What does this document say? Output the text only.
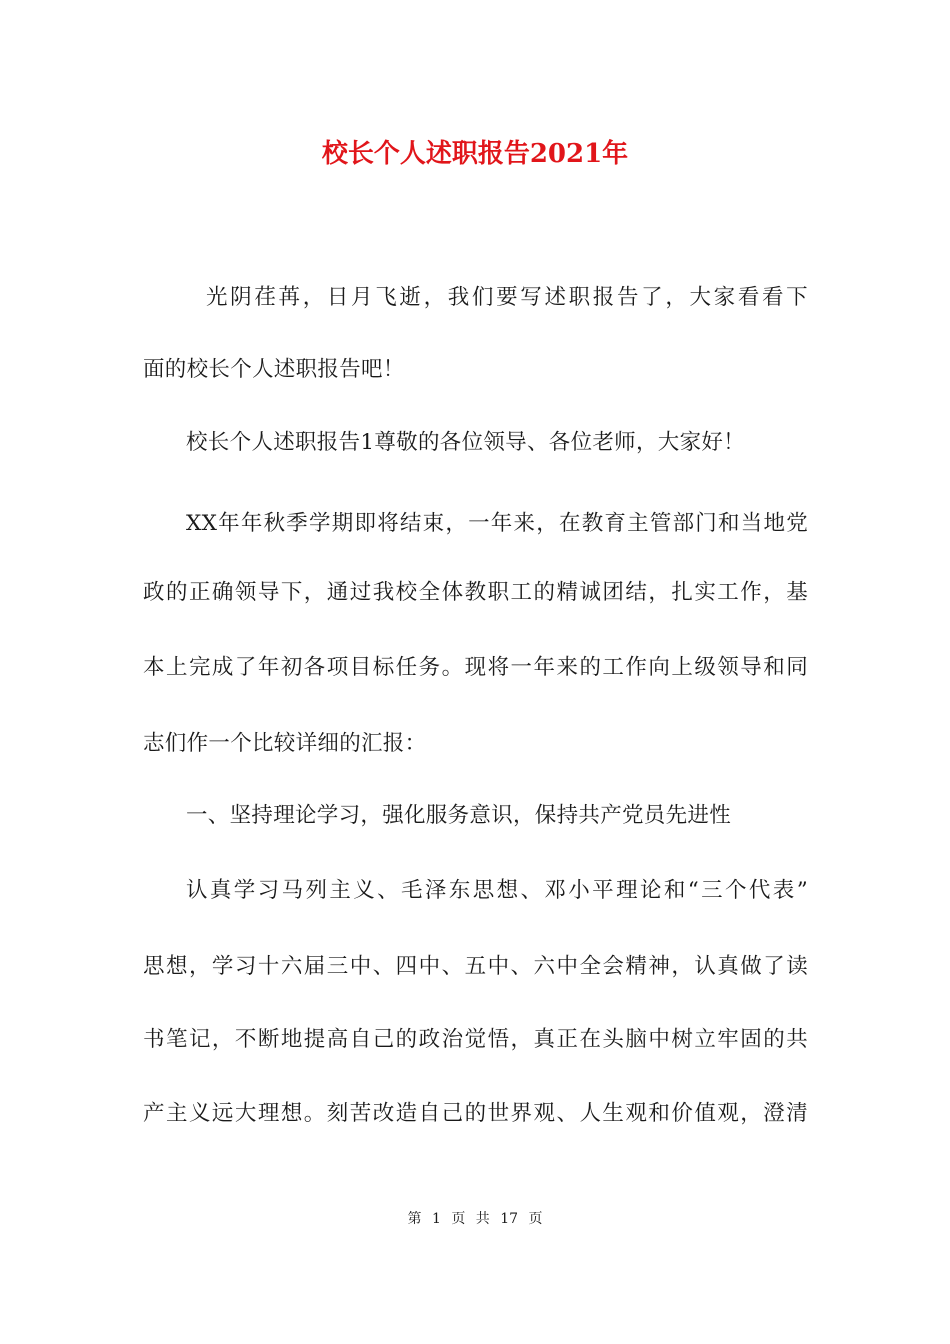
校长个人述职报告2021年
光阴荏苒，日月飞逝，我们要写述职报告了，大家看看下
面的校长个人述职报告吧！
校长个人述职报告1尊敬的各位领导、各位老师，大家好！
XX年年秋季学期即将结束，一年来，在教育主管部门和当地党
政的正确领导下，通过我校全体教职工的精诚团结，扎实工作，基
本上完成了年初各项目标任务。现将一年来的工作向上级领导和同
志们作一个比较详细的汇报：
一、坚持理论学习，强化服务意识，保持共产党员先进性
认真学习马列主义、毛泽东思想、邓小平理论和“三个代表”
思想，学习十六届三中、四中、五中、六中全会精神，认真做了读
书笔记，不断地提高自己的政治觉悟，真正在头脑中树立牢固的共
产主义远大理想。刻苦改造自己的世界观、人生观和价值观，澄清
第 1 页 共 17 页
